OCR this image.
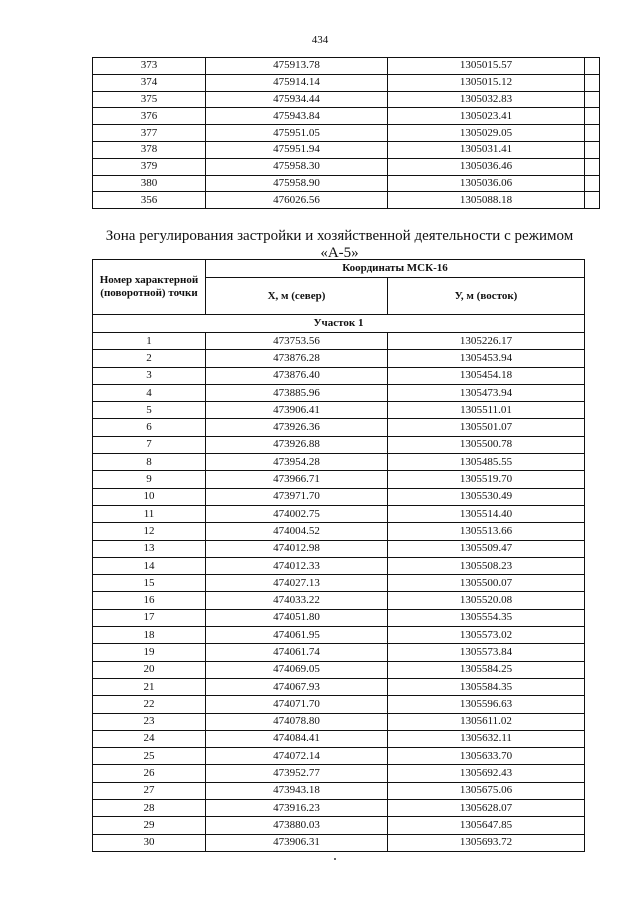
434
373	475913.78	1305015.57	
374	475914.14	1305015.12	
375	475934.44	1305032.83	
376	475943.84	1305023.41	
377	475951.05	1305029.05	
378	475951.94	1305031.41	
379	475958.30	1305036.46	
380	475958.90	1305036.06	
356	476026.56	1305088.18	
Зона регулирования застройки и хозяйственной деятельности с режимом «А-5»
Номер характерной (поворотной) точки	Координаты МСК-16	
	X, м (север)	У, м (восток)
Участок 1		
1	473753.56	1305226.17
2	473876.28	1305453.94
3	473876.40	1305454.18
4	473885.96	1305473.94
5	473906.41	1305511.01
6	473926.36	1305501.07
7	473926.88	1305500.78
8	473954.28	1305485.55
9	473966.71	1305519.70
10	473971.70	1305530.49
11	474002.75	1305514.40
12	474004.52	1305513.66
13	474012.98	1305509.47
14	474012.33	1305508.23
15	474027.13	1305500.07
16	474033.22	1305520.08
17	474051.80	1305554.35
18	474061.95	1305573.02
19	474061.74	1305573.84
20	474069.05	1305584.25
21	474067.93	1305584.35
22	474071.70	1305596.63
23	474078.80	1305611.02
24	474084.41	1305632.11
25	474072.14	1305633.70
26	473952.77	1305692.43
27	473943.18	1305675.06
28	473916.23	1305628.07
29	473880.03	1305647.85
30	473906.31	1305693.72
